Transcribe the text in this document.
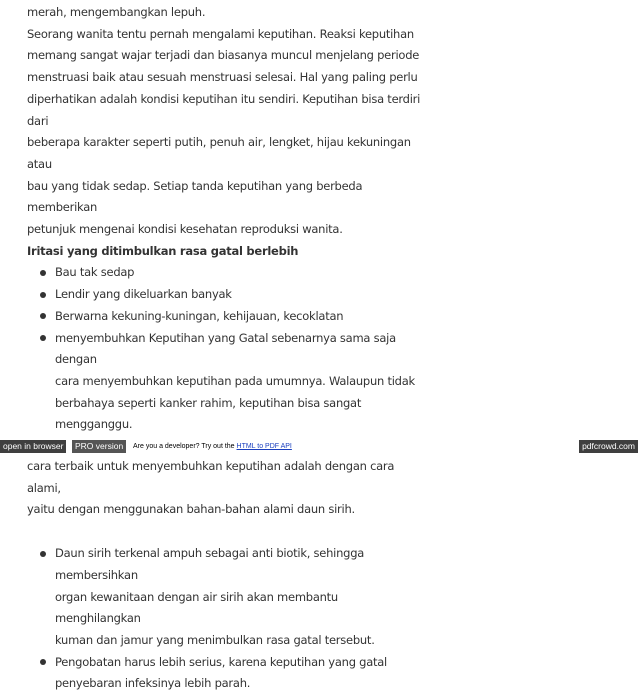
merah, mengembangkan lepuh.
Seorang wanita tentu pernah mengalami keputihan. Reaksi keputihan
memang sangat wajar terjadi dan biasanya muncul menjelang periode
menstruasi baik atau sesuah menstruasi selesai. Hal yang paling perlu
diperhatikan adalah kondisi keputihan itu sendiri. Keputihan bisa terdiri dari
beberapa karakter seperti putih, penuh air, lengket, hijau kekuningan atau
bau yang tidak sedap. Setiap tanda keputihan yang berbeda memberikan
petunjuk mengenai kondisi kesehatan reproduksi wanita.

Iritasi yang ditimbulkan rasa gatal berlebih

Bau tak sedap
Lendir yang dikeluarkan banyak
Berwarna kekuning-kuningan, kehijauan, kecoklatan
menyembuhkan Keputihan yang Gatal sebenarnya sama saja dengan
cara menyembuhkan keputihan pada umumnya. Walaupun tidak
berbahaya seperti kanker rahim, keputihan bisa sangat mengganggu.

cara terbaik untuk menyembuhkan keputihan adalah dengan cara alami,
yaitu dengan menggunakan bahan-bahan alami daun sirih.

Daun sirih terkenal ampuh sebagai anti biotik, sehingga membersihkan
organ kewanitaan dengan air sirih akan membantu menghilangkan
kuman dan jamur yang menimbulkan rasa gatal tersebut.
Pengobatan harus lebih serius, karena keputihan yang gatal
penyebaran infeksinya lebih parah.
open in browser	PRO version	Are you a developer? Try out the HTML to PDF API	pdfcrowd.com
